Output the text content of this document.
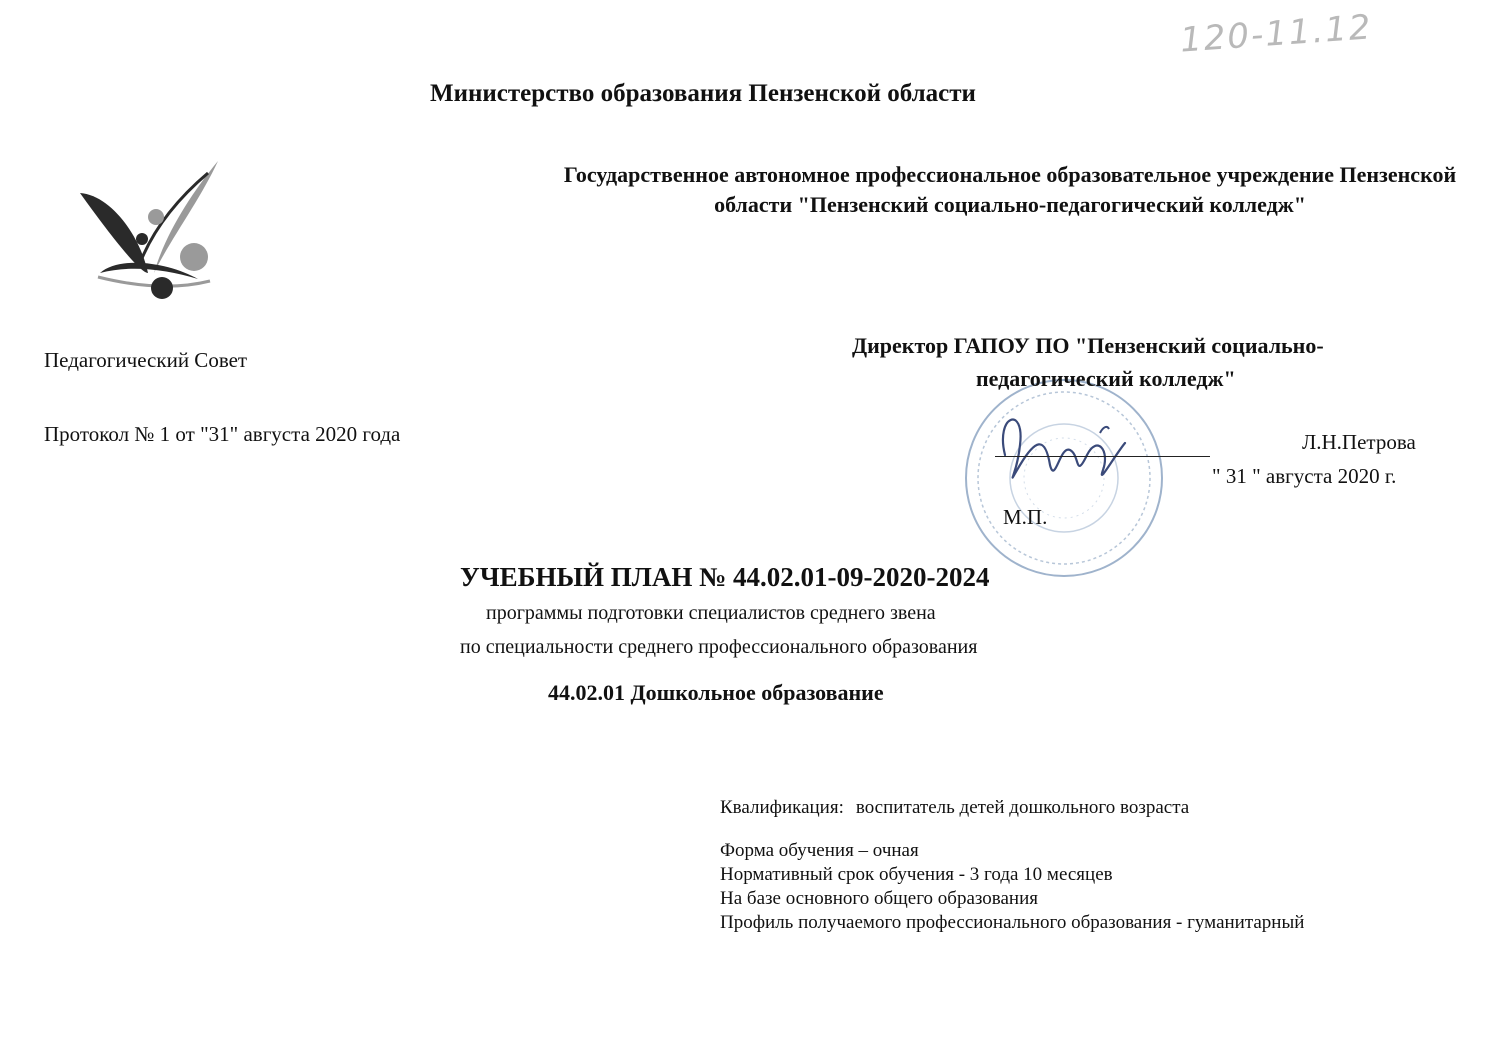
120-11.12
Министерство образования Пензенской области
Государственное автономное профессиональное образовательное учреждение Пензенской области "Пензенский социально-педагогический колледж"
Педагогический Совет
Протокол № 1 от "31" августа 2020 года
Директор ГАПОУ ПО "Пензенский социально-
педагогический колледж"
Л.Н.Петрова
" 31 " августа 2020 г.
М.П.
УЧЕБНЫЙ ПЛАН № 44.02.01-09-2020-2024
программы подготовки специалистов среднего звена
по специальности среднего профессионального образования
44.02.01 Дошкольное образование
Квалификация: воспитатель детей дошкольного возраста
Форма обучения – очная
Нормативный срок обучения - 3 года 10 месяцев
На базе основного общего образования
Профиль получаемого профессионального образования - гуманитарный
